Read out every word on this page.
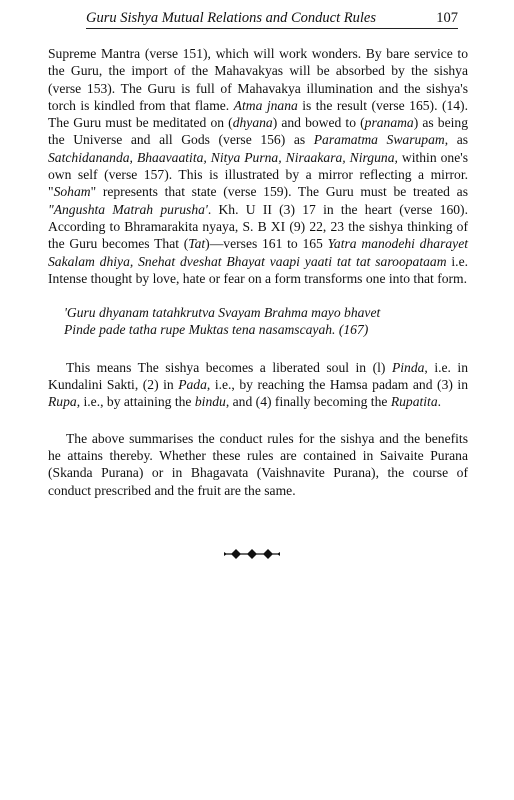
Guru Sishya Mutual Relations and Conduct Rules	107

Supreme Mantra (verse 151), which will work wonders. By bare service to the Guru, the import of the Mahavakyas will be absorbed by the sishya (verse 153). The Guru is full of Mahavakya illumination and the sishya's torch is kindled from that flame. Atma jnana is the result (verse 165). (14). The Guru must be meditated on (dhyana) and bowed to (pranama) as being the Universe and all Gods (verse 156) as Paramatma Swarupam, as Satchidananda, Bhaavaatita, Nitya Purna, Niraakara, Nirguna, within one's own self (verse 157). This is illustrated by a mirror reflecting a mirror. "Soham" represents that state (verse 159). The Guru must be treated as "Angushta Matrah purusha'. Kh. U II (3) 17 in the heart (verse 160). According to Bhramarakita nyaya, S. B XI (9) 22, 23 the sishya thinking of the Guru becomes That (Tat)—verses 161 to 165 Yatra manodehi dharayet Sakalam dhiya, Snehat dveshat Bhayat vaapi yaati tat tat saroopataam i.e. Intense thought by love, hate or fear on a form transforms one into that form.

'Guru dhyanam tatahkrutva Svayam Brahma mayo bhavet
Pinde pade tatha rupe Muktas tena nasamscayah. (167)

This means The sishya becomes a liberated soul in (l) Pinda, i.e. in Kundalini Sakti, (2) in Pada, i.e., by reaching the Hamsa padam and (3) in Rupa, i.e., by attaining the bindu, and (4) finally becoming the Rupatita.

The above summarises the conduct rules for the sishya and the benefits he attains thereby. Whether these rules are contained in Saivaite Purana (Skanda Purana) or in Bhagavata (Vaishnavite Purana), the course of conduct prescribed and the fruit are the same.
